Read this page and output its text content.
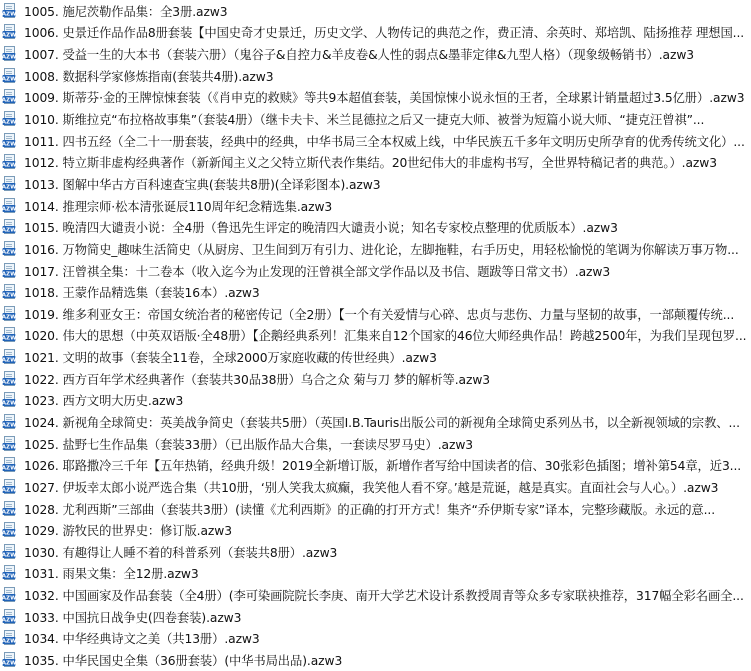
AZW 1005. 施尼茨勒作品集：全3册.azw3
AZW 1006. 史景迁作品作品8册套装【中国史奇才史景迁，历史文学、人物传记的典范之作，费正清、余英时、郑培凯、陆扬推荐 理想国...
AZW 1007. 受益一生的大本书（套装六册）（鬼谷子&自控力&羊皮卷&人性的弱点&墨菲定律&九型人格）（现象级畅销书）.azw3
AZW 1008. 数据科学家修炼指南(套装共4册).azw3
AZW 1009. 斯蒂芬·金的王牌惊悚套装（《肖申克的救赎》等共9本超值套装，美国惊悚小说永恒的王者，全球累计销量超过3.5亿册）.azw3
AZW 1010. 斯维拉克“布拉格故事集”（套装4册）（继卡夫卡、米兰昆德拉之后又一捷克大师、被誉为短篇小说大师、“捷克汪曾祺”...
AZW 1011. 四书五经（全二十一册套装，经典中的经典，中华书局三全本权威上线，中华民族五千多年文明历史所孕育的优秀传统文化）...
AZW 1012. 特立斯非虚构经典著作（新新闻主义之父特立斯代表作集结。20世纪伟大的非虚构书写，全世界特稿记者的典范。）.azw3
AZW 1013. 图解中华古方百科速查宝典(套装共8册)(全译彩图本).azw3
AZW 1014. 推理宗师·松本清张诞辰110周年纪念精选集.azw3
AZW 1015. 晚清四大谴责小说：全4册（鲁迅先生评定的晚清四大谴责小说；知名专家校点整理的优质版本）.azw3
AZW 1016. 万物简史_趣味生活简史（从厨房、卫生间到万有引力、进化论，左脚拖鞋，右手历史，用轻松愉悦的笔调为你解读万事万物...
AZW 1017. 汪曾祺全集：十二卷本（收入迄今为止发现的汪曾祺全部文学作品以及书信、题跋等日常文书）.azw3
AZW 1018. 王蒙作品精选集（套装16本）.azw3
AZW 1019. 维多利亚女王：帝国女统治者的秘密传记（全2册）【一个有关爱情与心碎、忠贞与悲伤、力量与坚韧的故事，一部颠覆传统...
AZW 1020. 伟大的思想（中英双语版·全48册）【企鹅经典系列！汇集来自12个国家的46位大师经典作品！跨越2500年，为我们呈现包罗...
AZW 1021. 文明的故事（套装全11卷，全球2000万家庭收藏的传世经典）.azw3
AZW 1022. 西方百年学术经典著作（套装共30品38册）乌合之众 菊与刀 梦的解析等.azw3
AZW 1023. 西方文明大历史.azw3
AZW 1024. 新视角全球简史：英美战争简史（套装共5册）（英国I.B.Tauris出版公司的新视角全球简史系列丛书，以全新视领域的宗教、...
AZW 1025. 盐野七生作品集（套装33册）（已出版作品大合集，一套读尽罗马史）.azw3
AZW 1026. 耶路撒冷三千年【五年热销，经典升级！2019全新增订版，新增作者写给中国读者的信、30张彩色插图；增补第54章，近3...
AZW 1027. 伊坂幸太郎小说严选合集（共10册，‘别人笑我太疯癫，我笑他人看不穿。’越是荒诞，越是真实。直面社会与人心。）.azw3
AZW 1028. 尤利西斯”三部曲（套装共3册）(读懂《尤利西斯》的正确的打开方式！集齐“乔伊斯专家”译本，完整珍藏版。永远的意...
AZW 1029. 游牧民的世界史：修订版.azw3
AZW 1030. 有趣得让人睡不着的科普系列（套装共8册）.azw3
AZW 1031. 雨果文集：全12册.azw3
AZW 1032. 中国画家及作品套装（全4册）(李可染画院院长李庚、南开大学艺术设计系教授周青等众多专家联袂推荐，317幅全彩名画全...
AZW 1033. 中国抗日战争史(四卷套装).azw3
AZW 1034. 中华经典诗文之美（共13册）.azw3
AZW 1035. 中华民国史全集（36册套装）(中华书局出品).azw3
